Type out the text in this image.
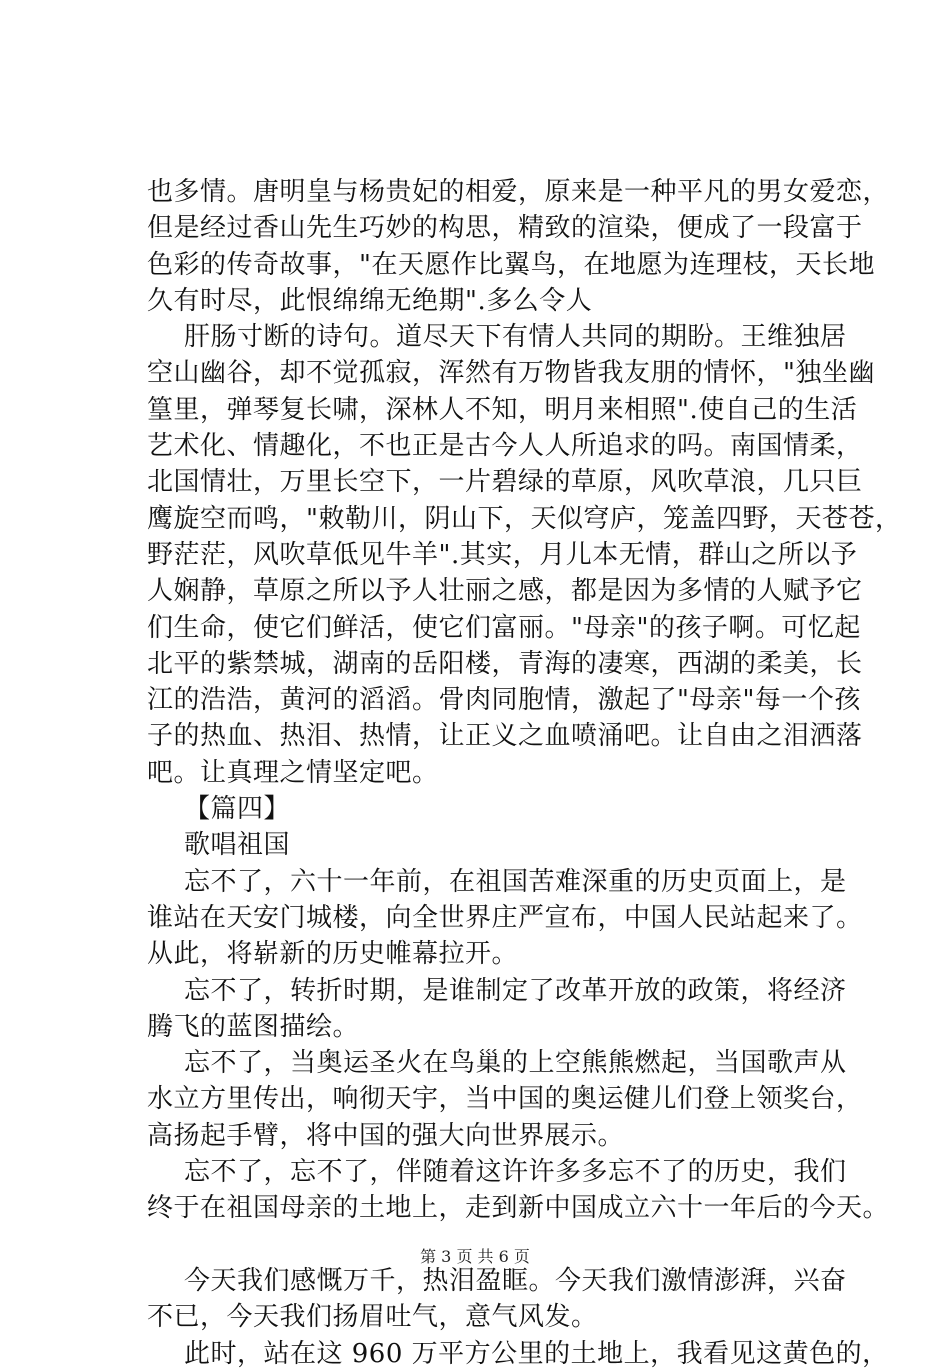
也多情。唐明皇与杨贵妃的相爱，原来是一种平凡的男女爱恋，
但是经过香山先生巧妙的构思，精致的渲染，便成了一段富于
色彩的传奇故事，"在天愿作比翼鸟，在地愿为连理枝，天长地
久有时尽，此恨绵绵无绝期".多么令人
肝肠寸断的诗句。道尽天下有情人共同的期盼。王维独居
空山幽谷，却不觉孤寂，浑然有万物皆我友朋的情怀，"独坐幽
篁里，弹琴复长啸，深林人不知，明月来相照".使自己的生活
艺术化、情趣化，不也正是古今人人所追求的吗。南国情柔，
北国情壮，万里长空下，一片碧绿的草原，风吹草浪，几只巨
鹰旋空而鸣，"敕勒川，阴山下，天似穹庐，笼盖四野，天苍苍，
野茫茫，风吹草低见牛羊".其实，月儿本无情，群山之所以予
人娴静，草原之所以予人壮丽之感，都是因为多情的人赋予它
们生命，使它们鲜活，使它们富丽。"母亲"的孩子啊。可忆起
北平的紫禁城，湖南的岳阳楼，青海的凄寒，西湖的柔美，长
江的浩浩，黄河的滔滔。骨肉同胞情，激起了"母亲"每一个孩
子的热血、热泪、热情，让正义之血喷涌吧。让自由之泪洒落
吧。让真理之情坚定吧。
【篇四】
歌唱祖国
忘不了，六十一年前，在祖国苦难深重的历史页面上，是
谁站在天安门城楼，向全世界庄严宣布，中国人民站起来了。
从此，将崭新的历史帷幕拉开。
忘不了，转折时期，是谁制定了改革开放的政策，将经济
腾飞的蓝图描绘。
忘不了，当奥运圣火在鸟巢的上空熊熊燃起，当国歌声从
水立方里传出，响彻天宇，当中国的奥运健儿们登上领奖台，
高扬起手臂，将中国的强大向世界展示。
忘不了，忘不了，伴随着这许许多多忘不了的历史，我们
终于在祖国母亲的土地上，走到新中国成立六十一年后的今天。
今天我们感慨万千，热泪盈眶。今天我们激情澎湃，兴奋
不已，今天我们扬眉吐气，意气风发。
此时，站在这 960 万平方公里的土地上，我看见这黄色的，
第 3 页 共 6 页
